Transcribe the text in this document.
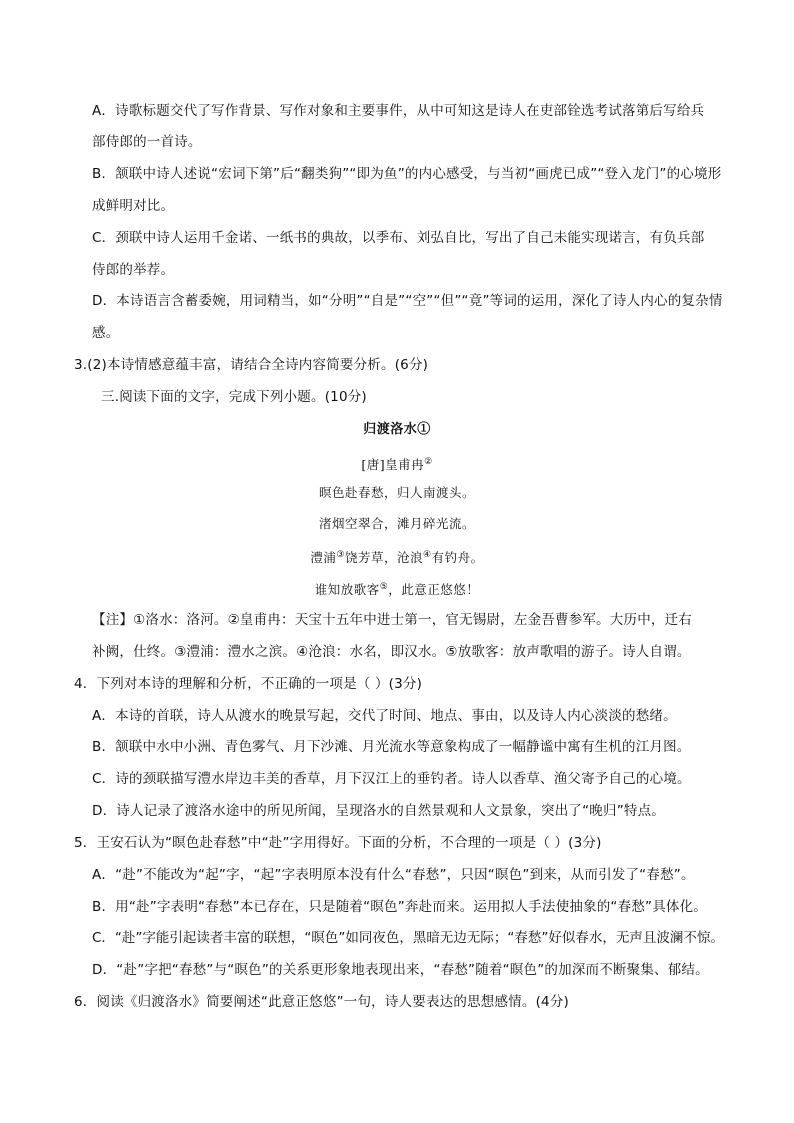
A．诗歌标题交代了写作背景、写作对象和主要事件，从中可知这是诗人在吏部铨选考试落第后写给兵
部侍郎的一首诗。
B．颔联中诗人述说“宏词下第”后“翻类狗”“即为鱼”的内心感受，与当初“画虎已成”“登入龙门”的心境形
成鲜明对比。
C．颈联中诗人运用千金诺、一纸书的典故，以季布、刘弘自比，写出了自己未能实现诺言，有负兵部
侍郎的举荐。
D．本诗语言含蓄委婉，用词精当，如“分明”“自是”“空”“但”“竟”等词的运用，深化了诗人内心的复杂情
感。
3.(2)本诗情感意蕴丰富，请结合全诗内容简要分析。(6分)
三.阅读下面的文字，完成下列小题。(10分)
归渡洛水①
[唐]皇甫冉②
暝色赴春愁，归人南渡头。
渚烟空翠合，滩月碎光流。
澧浦③饶芳草，沧浪④有钓舟。
谁知放歌客⑤，此意正悠悠！
【注】①洛水：洛河。②皇甫冉：天宝十五年中进士第一，官无锡尉，左金吾曹参军。大历中，迁右
补阙，仕终。③澧浦：澧水之滨。④沧浪：水名，即汉水。⑤放歌客：放声歌唱的游子。诗人自谓。
4．下列对本诗的理解和分析，不正确的一项是（ ）(3分)
A．本诗的首联，诗人从渡水的晚景写起，交代了时间、地点、事由，以及诗人内心淡淡的愁绪。
B．颔联中水中小洲、青色雾气、月下沙滩、月光流水等意象构成了一幅静谧中寓有生机的江月图。
C．诗的颈联描写澧水岸边丰美的香草，月下汉江上的垂钓者。诗人以香草、渔父寄予自己的心境。
D．诗人记录了渡洛水途中的所见所闻，呈现洛水的自然景观和人文景象，突出了“晚归”特点。
5．王安石认为“暝色赴春愁”中“赴”字用得好。下面的分析，不合理的一项是（ ）(3分)
A．“赴”不能改为“起”字，“起”字表明原本没有什么“春愁”，只因“暝色”到来，从而引发了“春愁”。
B．用“赴”字表明“春愁”本已存在，只是随着“暝色”奔赴而来。运用拟人手法使抽象的“春愁”具体化。
C．“赴”字能引起读者丰富的联想，“暝色”如同夜色，黑暗无边无际；“春愁”好似春水，无声且波澜不惊。
D．“赴”字把“春愁”与“暝色”的关系更形象地表现出来，“春愁”随着“暝色”的加深而不断聚集、郁结。
6．阅读《归渡洛水》简要阐述“此意正悠悠”一句，诗人要表达的思想感情。(4分)
